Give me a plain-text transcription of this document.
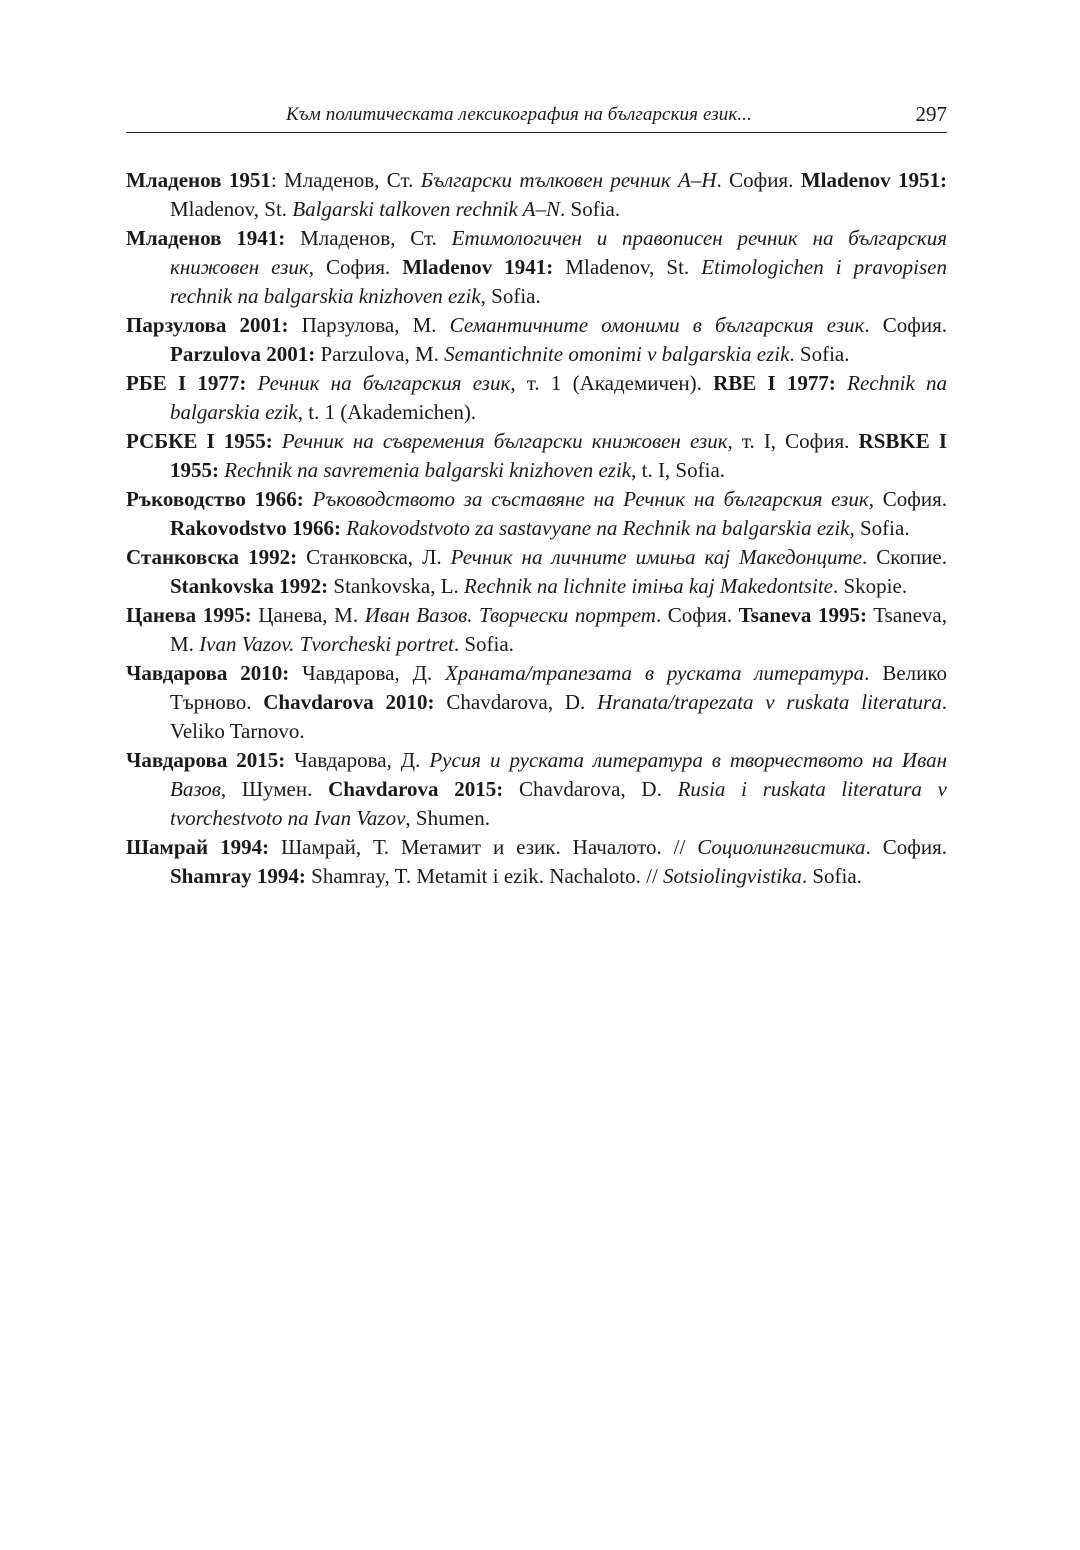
Към политическата лексикография на българския език...	297

Младенов 1951: Младенов, Ст. Български тълковен речник А–Н. София. Mladenov 1951: Mladenov, St. Balgarski talkoven rechnik A–N. Sofia.

Младенов 1941: Младенов, Ст. Етимологичен и правописен речник на българския книжовен език, София. Mladenov 1941: Mladenov, St. Etimologichen i pravopisen rechnik na balgarskia knizhoven ezik, Sofia.

Парзулова 2001: Парзулова, М. Семантичните омоними в българския език. София. Parzulova 2001: Parzulova, M. Semantichnite omonimi v balgarskia ezik. Sofia.

РБЕ I 1977: Речник на българския език, т. 1 (Академичен). RBE I 1977: Rechnik na balgarskia ezik, t. 1 (Akademichen).

РСБКЕ I 1955: Речник на съвремения български книжовен език, т. I, София. RSBKE I 1955: Rechnik na savremenia balgarski knizhoven ezik, t. I, Sofia.

Ръководство 1966: Ръководството за съставяне на Речник на българския език, София. Rakovodstvo 1966: Rakovodstvoto za sastavyane na Rechnik na balgarskia ezik, Sofia.

Станковска 1992: Станковска, Л. Речник на личните имиња кај Македонците. Скопие. Stankovska 1992: Stankovska, L. Rechnik na lichnite imiња kaj Makedontsite. Skopie.

Цанева 1995: Цанева, М. Иван Вазов. Творчески портрет. София. Tsaneva 1995: Tsaneva, M. Ivan Vazov. Tvorcheski portret. Sofia.

Чавдарова 2010: Чавдарова, Д. Храната/трапезата в руската литература. Велико Търново. Chavdarova 2010: Chavdarova, D. Hranata/trapezata v ruskata literatura. Veliko Tarnovo.

Чавдарова 2015: Чавдарова, Д. Русия и руската литература в творчеството на Иван Вазов, Шумен. Chavdarova 2015: Chavdarova, D. Rusia i ruskata literatura v tvorchestvoto na Ivan Vazov, Shumen.

Шамрай 1994: Шамрай, Т. Метамит и език. Началото. // Социолингвистика. София. Shamray 1994: Shamray, T. Metamit i ezik. Nachaloto. // Sotsiolingvistika. Sofia.
